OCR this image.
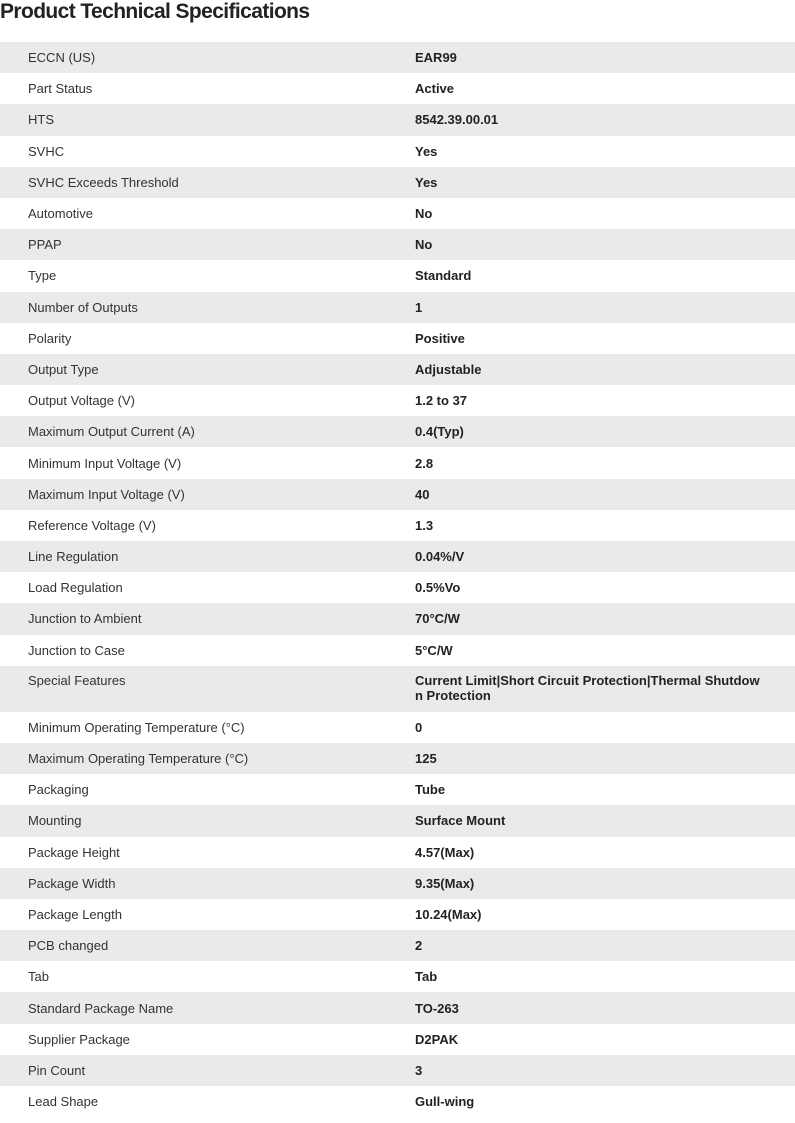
Product Technical Specifications
ECCN (US)	EAR99
Part Status	Active
HTS	8542.39.00.01
SVHC	Yes
SVHC Exceeds Threshold	Yes
Automotive	No
PPAP	No
Type	Standard
Number of Outputs	1
Polarity	Positive
Output Type	Adjustable
Output Voltage (V)	1.2 to 37
Maximum Output Current (A)	0.4(Typ)
Minimum Input Voltage (V)	2.8
Maximum Input Voltage (V)	40
Reference Voltage (V)	1.3
Line Regulation	0.04%/V
Load Regulation	0.5%Vo
Junction to Ambient	70°C/W
Junction to Case	5°C/W
Special Features	Current Limit|Short Circuit Protection|Thermal Shutdown Protection
Minimum Operating Temperature (°C)	0
Maximum Operating Temperature (°C)	125
Packaging	Tube
Mounting	Surface Mount
Package Height	4.57(Max)
Package Width	9.35(Max)
Package Length	10.24(Max)
PCB changed	2
Tab	Tab
Standard Package Name	TO-263
Supplier Package	D2PAK
Pin Count	3
Lead Shape	Gull-wing
